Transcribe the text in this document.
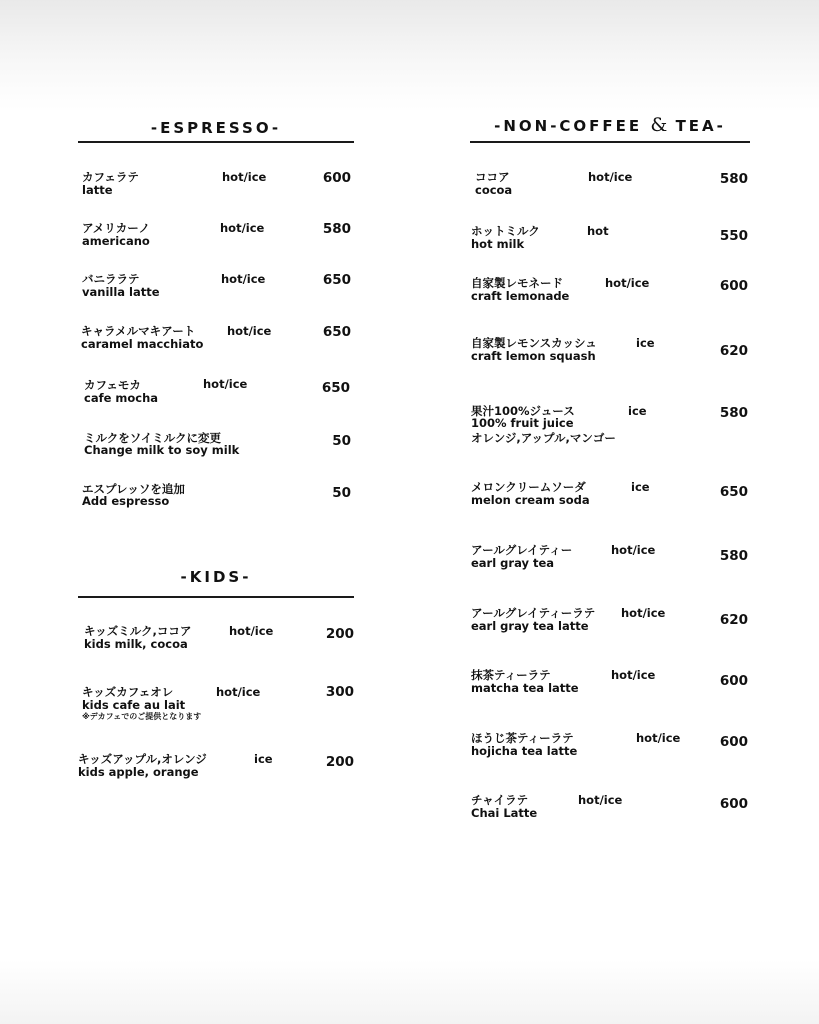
-ESPRESSO-
カフェラテ
latte
hot/ice	600
アメリカーノ
americano
hot/ice	580
バニララテ
vanilla latte
hot/ice	650
キャラメルマキアート
caramel macchiato
hot/ice	650
カフェモカ
cafe mocha
hot/ice	650
ミルクをソイミルクに変更
Change milk to soy milk
50
エスプレッソを追加
Add espresso	50
-KIDS-
キッズミルク,ココア
kids milk, cocoa
hot/ice	200
キッズカフェオレ
kids cafe au lait
※デカフェでのご提供となります
hot/ice	300
キッズアップル,オレンジ
kids apple, orange
ice	200
-NON-COFFEE & TEA-
ココア
cocoa
hot/ice	580
ホットミルク
hot milk
hot	550
自家製レモネード
craft lemonade
hot/ice	600
自家製レモンスカッシュ
craft lemon squash
ice	620
果汁100%ジュース
100% fruit juice
オレンジ,アップル,マンゴー
ice	580
メロンクリームソーダ
melon cream soda
ice	650
アールグレイティー
earl gray tea
hot/ice	580
アールグレイティーラテ
earl gray tea latte
hot/ice	620
抹茶ティーラテ
matcha tea latte
hot/ice	600
ほうじ茶ティーラテ
hojicha tea latte
hot/ice	600
チャイラテ
Chai Latte
hot/ice	600
